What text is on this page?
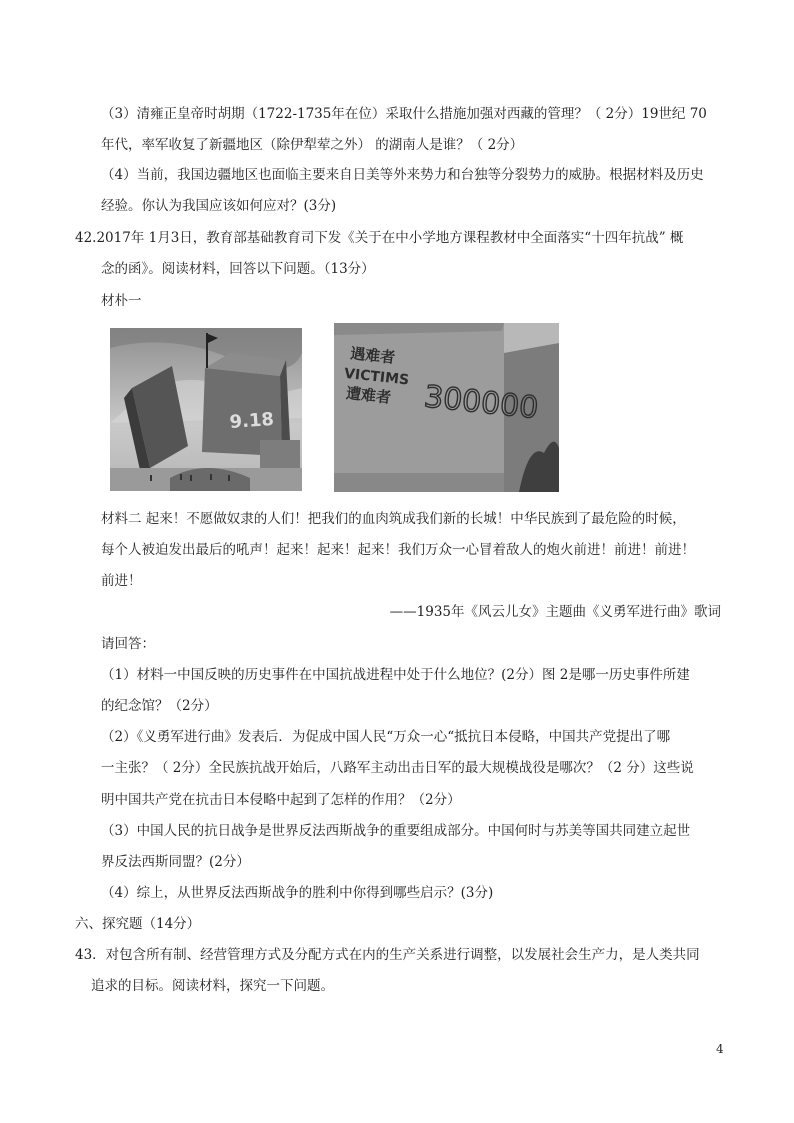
（3）清雍正皇帝时胡期（1722-1735年在位）采取什么措施加强对西藏的管理？（ 2分）19世纪 70
年代，率军收复了新疆地区（除伊犁荤之外） 的湖南人是谁？（ 2分）
（4）当前，我国边疆地区也面临主要来自日美等外来势力和台独等分裂势力的威胁。根据材料及历史
经验。你认为我国应该如何应对？(3分)
42.2017年 1月3日，教育部基础教育司下发《关于在中小学地方课程教材中全面落实“十四年抗战” 概
念的函》。阅读材料，回答以下问题。（13分）
材朴一
9.18
遇难者
VICTIMS
遭难者 300000
材料二 起来！不愿做奴隶的人们！把我们的血肉筑成我们新的长城！中华民族到了最危险的时候，
每个人被迫发出最后的吼声！起来！起来！起来！我们万众一心冒着敌人的炮火前进！前进！前进！
前进！
——1935年《风云儿女》主题曲《义勇军进行曲》歌词
请回答：
（1）材料一中国反映的历史事件在中国抗战进程中处于什么地位？(2分）图 2是哪一历史事件所建
的纪念馆？（2分）
（2）《义勇军进行曲》发表后．为促成中国人民“万众一心“抵抗日本侵略，中国共产党提出了哪
一主张？（ 2分）全民族抗战开始后，八路军主动出击日军的最大规模战役是哪次？（2 分）这些说
明中国共产党在抗击日本侵略中起到了怎样的作用？（2分）
（3）中国人民的抗日战争是世界反法西斯战争的重要组成部分。中国何时与苏美等国共同建立起世
界反法西斯同盟？(2分）
（4）综上，从世界反法西斯战争的胜利中你得到哪些启示？(3分)
六、探究题（14分）
43．对包含所有制、经营管理方式及分配方式在内的生产关系进行调整，以发展社会生产力，是人类共同
追求的目标。阅读材料，探究一下问题。
4
